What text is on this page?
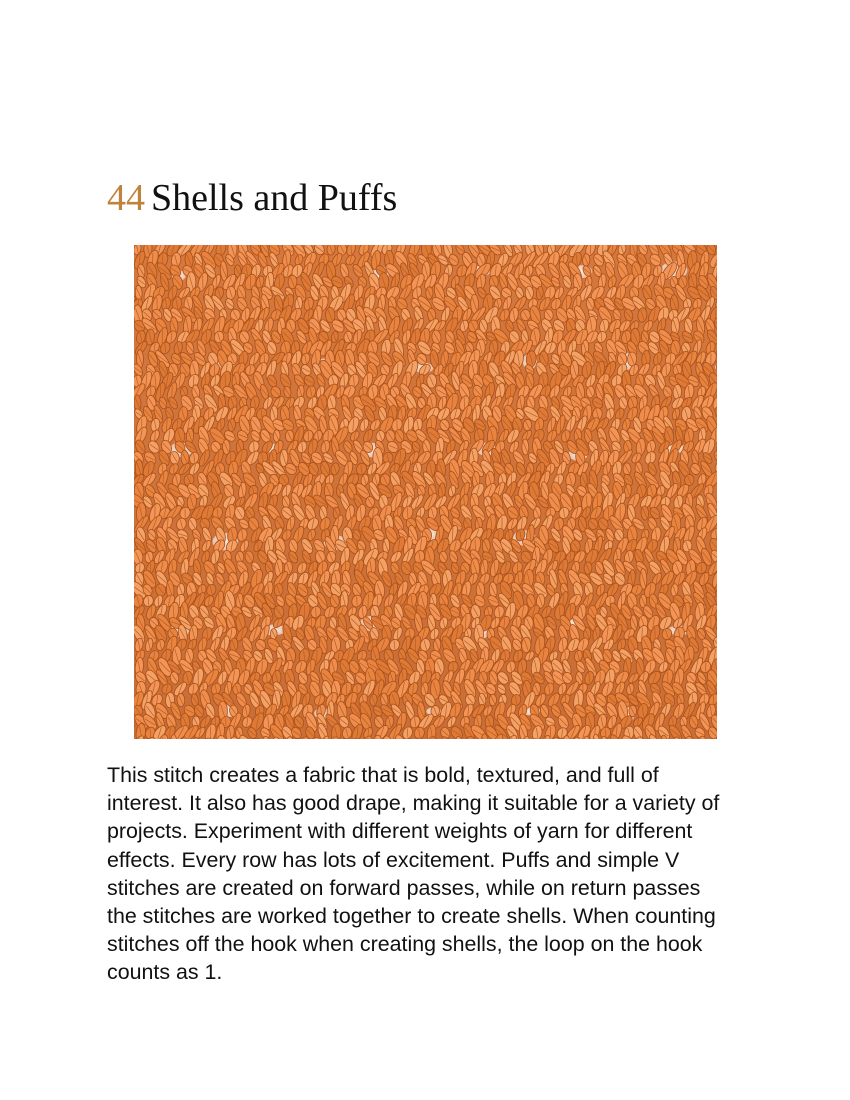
44 Shells and Puffs
This stitch creates a fabric that is bold, textured, and full of interest. It also has good drape, making it suitable for a variety of projects. Experiment with different weights of yarn for different effects. Every row has lots of excitement. Puffs and simple V stitches are created on forward passes, while on return passes the stitches are worked together to create shells. When counting stitches off the hook when creating shells, the loop on the hook counts as 1.
